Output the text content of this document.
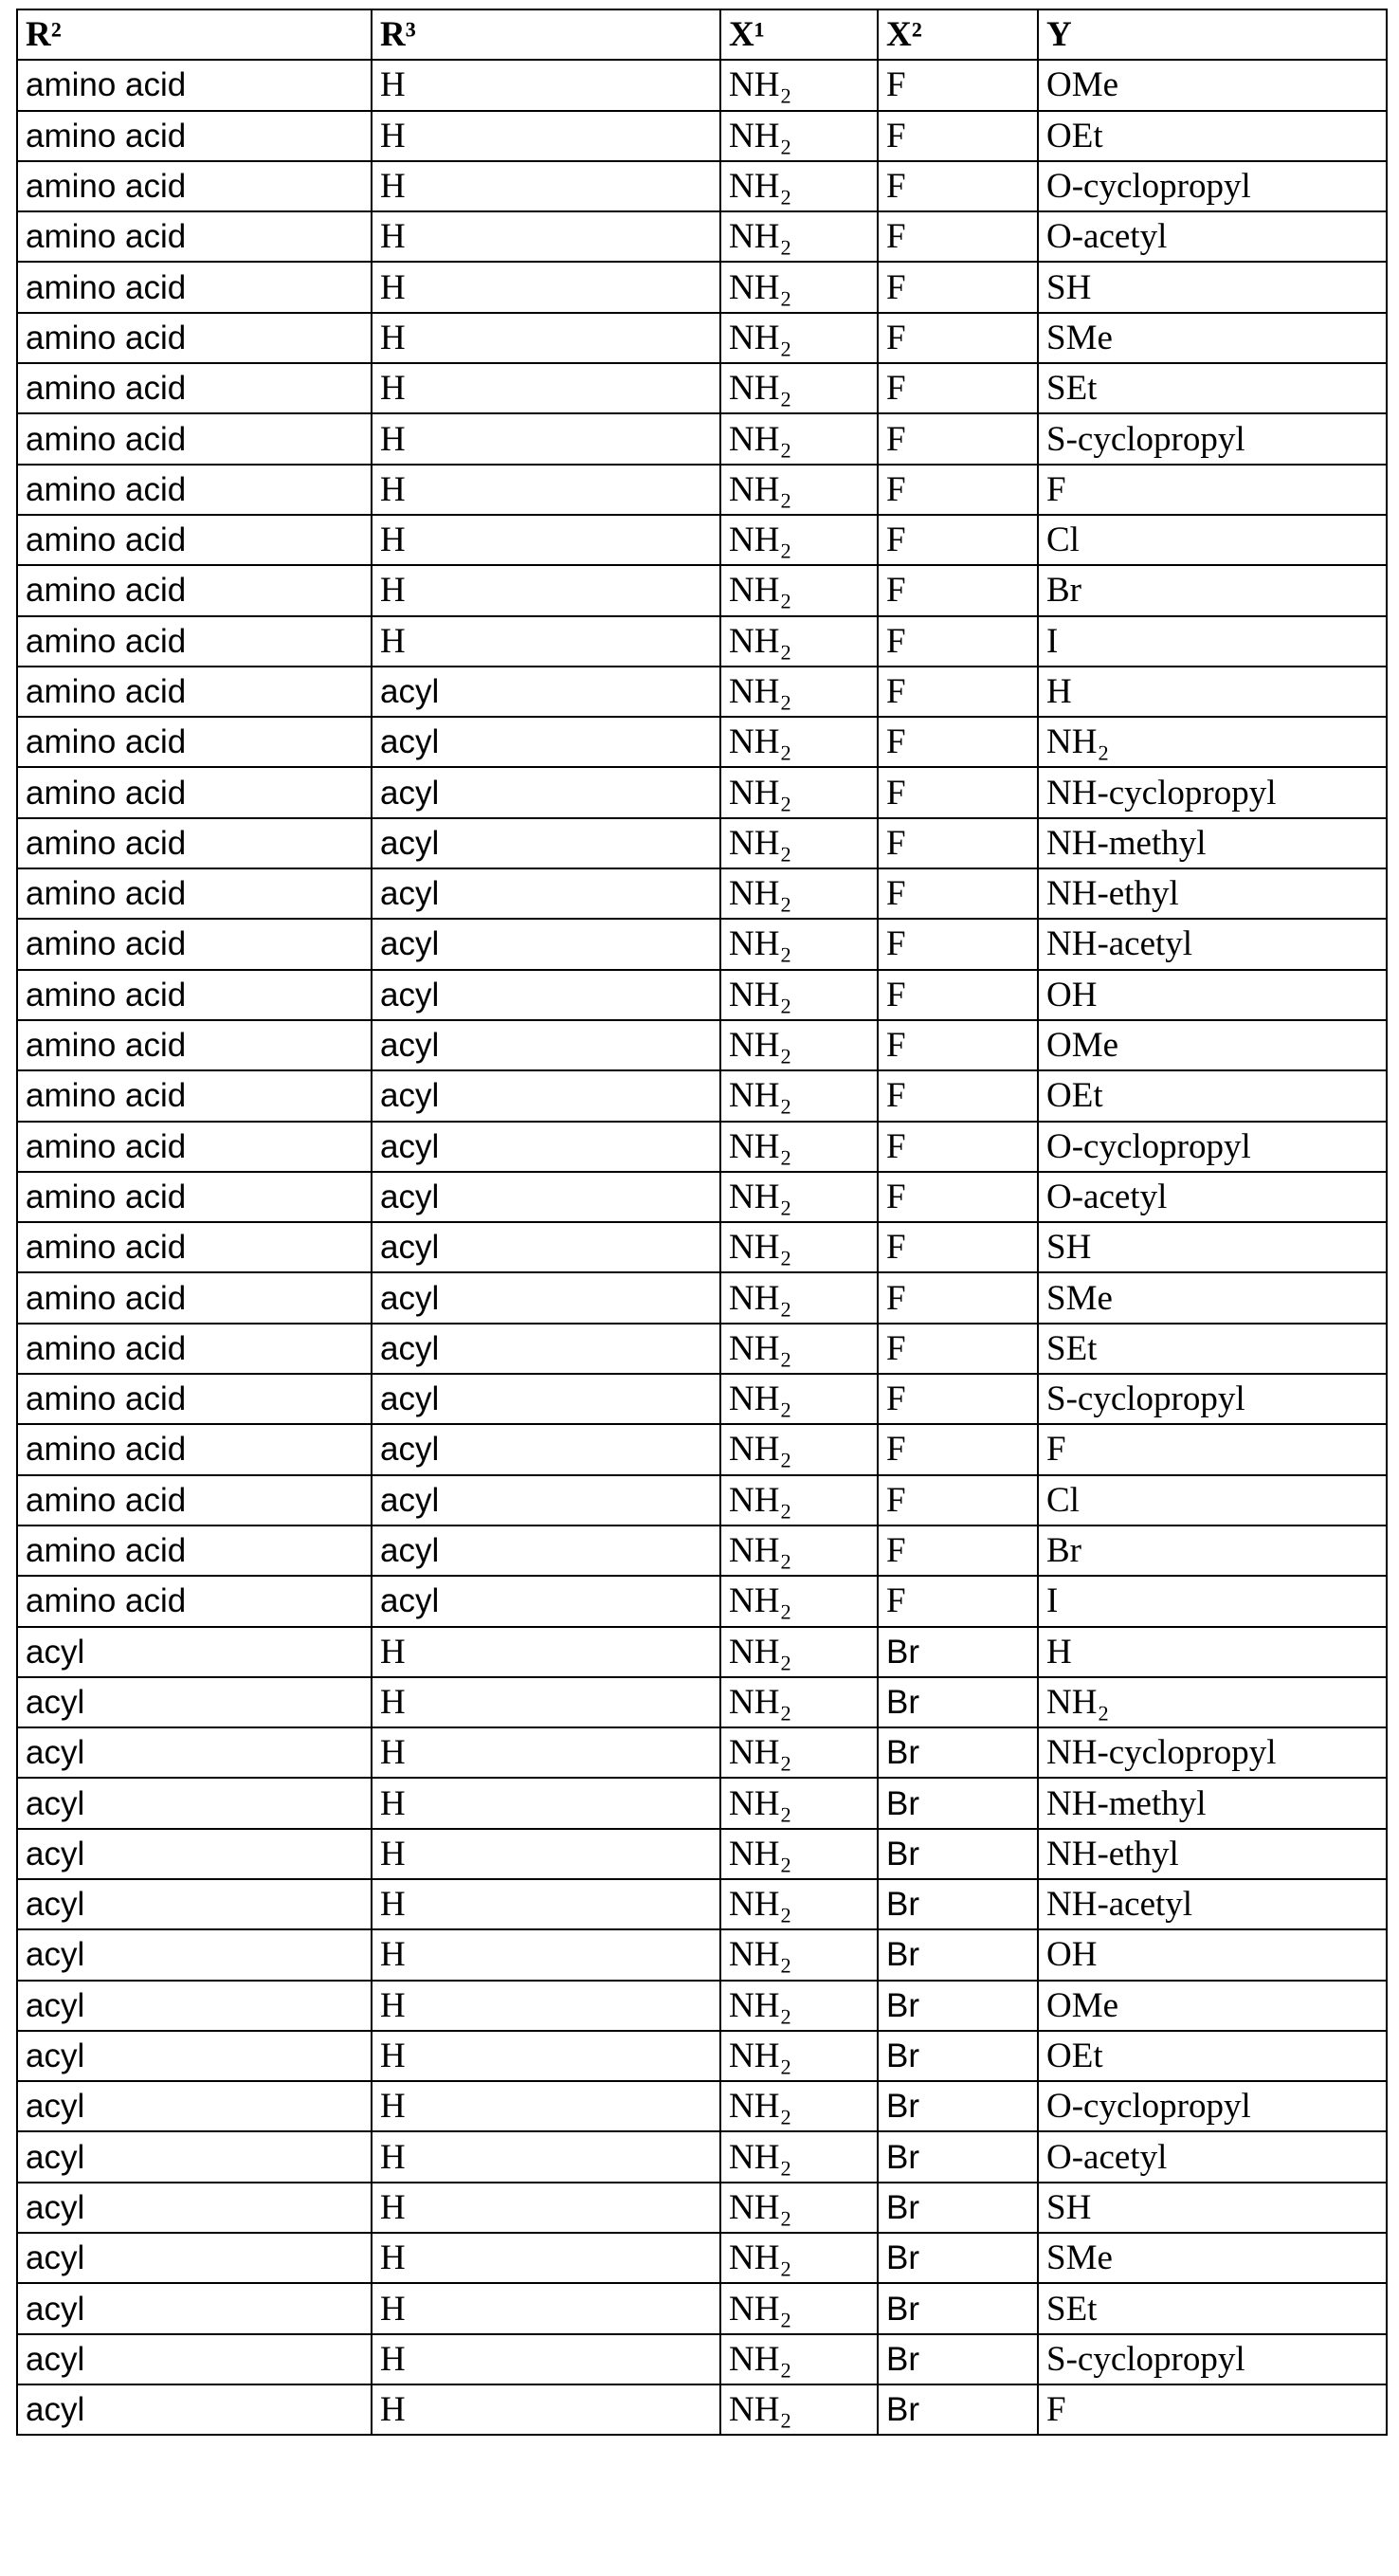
R²	R³	X¹	X²	Y
amino acid	H	NH₂	F	OMe
amino acid	H	NH₂	F	OEt
amino acid	H	NH₂	F	O-cyclopropyl
amino acid	H	NH₂	F	O-acetyl
amino acid	H	NH₂	F	SH
amino acid	H	NH₂	F	SMe
amino acid	H	NH₂	F	SEt
amino acid	H	NH₂	F	S-cyclopropyl
amino acid	H	NH₂	F	F
amino acid	H	NH₂	F	Cl
amino acid	H	NH₂	F	Br
amino acid	H	NH₂	F	I
amino acid	acyl	NH₂	F	H
amino acid	acyl	NH₂	F	NH₂
amino acid	acyl	NH₂	F	NH-cyclopropyl
amino acid	acyl	NH₂	F	NH-methyl
amino acid	acyl	NH₂	F	NH-ethyl
amino acid	acyl	NH₂	F	NH-acetyl
amino acid	acyl	NH₂	F	OH
amino acid	acyl	NH₂	F	OMe
amino acid	acyl	NH₂	F	OEt
amino acid	acyl	NH₂	F	O-cyclopropyl
amino acid	acyl	NH₂	F	O-acetyl
amino acid	acyl	NH₂	F	SH
amino acid	acyl	NH₂	F	SMe
amino acid	acyl	NH₂	F	SEt
amino acid	acyl	NH₂	F	S-cyclopropyl
amino acid	acyl	NH₂	F	F
amino acid	acyl	NH₂	F	Cl
amino acid	acyl	NH₂	F	Br
amino acid	acyl	NH₂	F	I
acyl	H	NH₂	Br	H
acyl	H	NH₂	Br	NH₂
acyl	H	NH₂	Br	NH-cyclopropyl
acyl	H	NH₂	Br	NH-methyl
acyl	H	NH₂	Br	NH-ethyl
acyl	H	NH₂	Br	NH-acetyl
acyl	H	NH₂	Br	OH
acyl	H	NH₂	Br	OMe
acyl	H	NH₂	Br	OEt
acyl	H	NH₂	Br	O-cyclopropyl
acyl	H	NH₂	Br	O-acetyl
acyl	H	NH₂	Br	SH
acyl	H	NH₂	Br	SMe
acyl	H	NH₂	Br	SEt
acyl	H	NH₂	Br	S-cyclopropyl
acyl	H	NH₂	Br	F
